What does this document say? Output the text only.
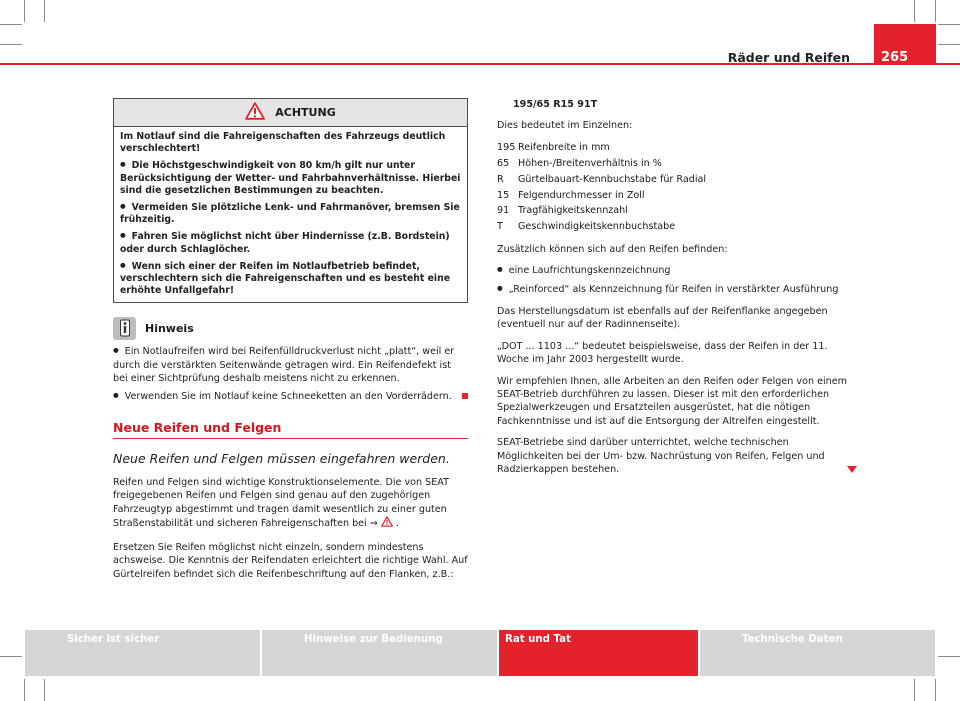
Räder und Reifen	265
ACHTUNG

Im Notlauf sind die Fahreigenschaften des Fahrzeugs deutlich verschlechtert!

● Die Höchstgeschwindigkeit von 80 km/h gilt nur unter Berücksichtigung der Wetter- und Fahrbahnverhältnisse. Hierbei sind die gesetzlichen Bestimmungen zu beachten.

● Vermeiden Sie plötzliche Lenk- und Fahrmanöver, bremsen Sie frühzeitig.

● Fahren Sie möglichst nicht über Hindernisse (z.B. Bordstein) oder durch Schlaglöcher.

● Wenn sich einer der Reifen im Notlaufbetrieb befindet, verschlechtern sich die Fahreigenschaften und es besteht eine erhöhte Unfallgefahr!

Hinweis

● Ein Notlaufreifen wird bei Reifenfülldruckverlust nicht „platt“, weil er durch die verstärkten Seitenwände getragen wird. Ein Reifendefekt ist bei einer Sichtprüfung deshalb meistens nicht zu erkennen.

● Verwenden Sie im Notlauf keine Schneeketten an den Vorderrädern.

Neue Reifen und Felgen
Neue Reifen und Felgen müssen eingefahren werden.

Reifen und Felgen sind wichtige Konstruktionselemente. Die von SEAT freigegebenen Reifen und Felgen sind genau auf den zugehörigen Fahrzeugtyp abgestimmt und tragen damit wesentlich zu einer guten Straßenstabilität und sicheren Fahreigenschaften bei ⇒ .

Ersetzen Sie Reifen möglichst nicht einzeln, sondern mindestens achsweise. Die Kenntnis der Reifendaten erleichtert die richtige Wahl. Auf Gürtelreifen befindet sich die Reifenbeschriftung auf den Flanken, z.B.:

195/65 R15 91T

Dies bedeutet im Einzelnen:

195 Reifenbreite in mm
65 Höhen-/Breitenverhältnis in %
R	Gürtelbauart-Kennbuchstabe für Radial
15 Felgendurchmesser in Zoll
91 Tragfähigkeitskennzahl
T	Geschwindigkeitskennbuchstabe

Zusätzlich können sich auf den Reifen befinden:

● eine Laufrichtungskennzeichnung

● „Reinforced“ als Kennzeichnung für Reifen in verstärkter Ausführung

Das Herstellungsdatum ist ebenfalls auf der Reifenflanke angegeben (eventuell nur auf der Radinnenseite).

„DOT ... 1103 ...“ bedeutet beispielsweise, dass der Reifen in der 11. Woche im Jahr 2003 hergestellt wurde.

Wir empfehlen Ihnen, alle Arbeiten an den Reifen oder Felgen von einem SEAT-Betrieb durchführen zu lassen. Dieser ist mit den erforderlichen Spezialwerkzeugen und Ersatzteilen ausgerüstet, hat die nötigen Fachkenntnisse und ist auf die Entsorgung der Altreifen eingestellt.

SEAT-Betriebe sind darüber unterrichtet, welche technischen Möglichkeiten bei der Um- bzw. Nachrüstung von Reifen, Felgen und Radzierkappen bestehen.

Sicher ist sicher	Hinweise zur Bedienung	Rat und Tat	Technische Daten
